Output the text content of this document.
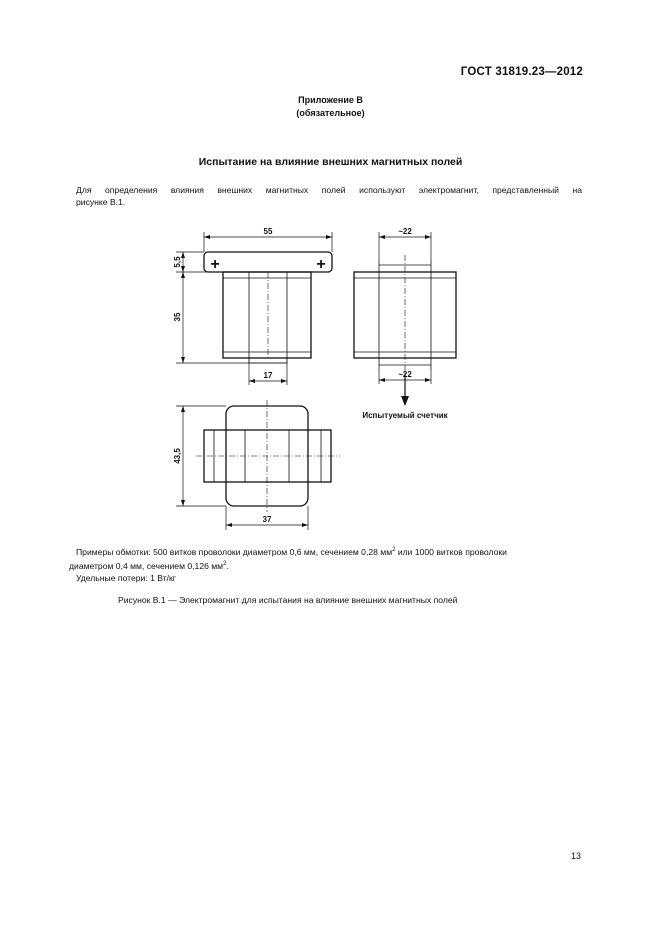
ГОСТ 31819.23—2012
Приложение В
(обязательное)
Испытание на влияние внешних магнитных полей
Для определения влияния внешних магнитных полей используют электромагнит, представленный на
рисунке В.1.
+	+
55
5,5
35
17
~22
~22
Испытуемый счетчик
43,5
37
Примеры обмотки: 500 витков проволоки диаметром 0,6 мм, сечением 0,28 $мм^2$ или 1000 витков проволоки
диаметром 0,4 мм, сечением 0,126 $мм^2$.
Удельные потери: 1 Вт/кг
Рисунок В.1 — Электромагнит для испытания на влияние внешних магнитных полей
13
